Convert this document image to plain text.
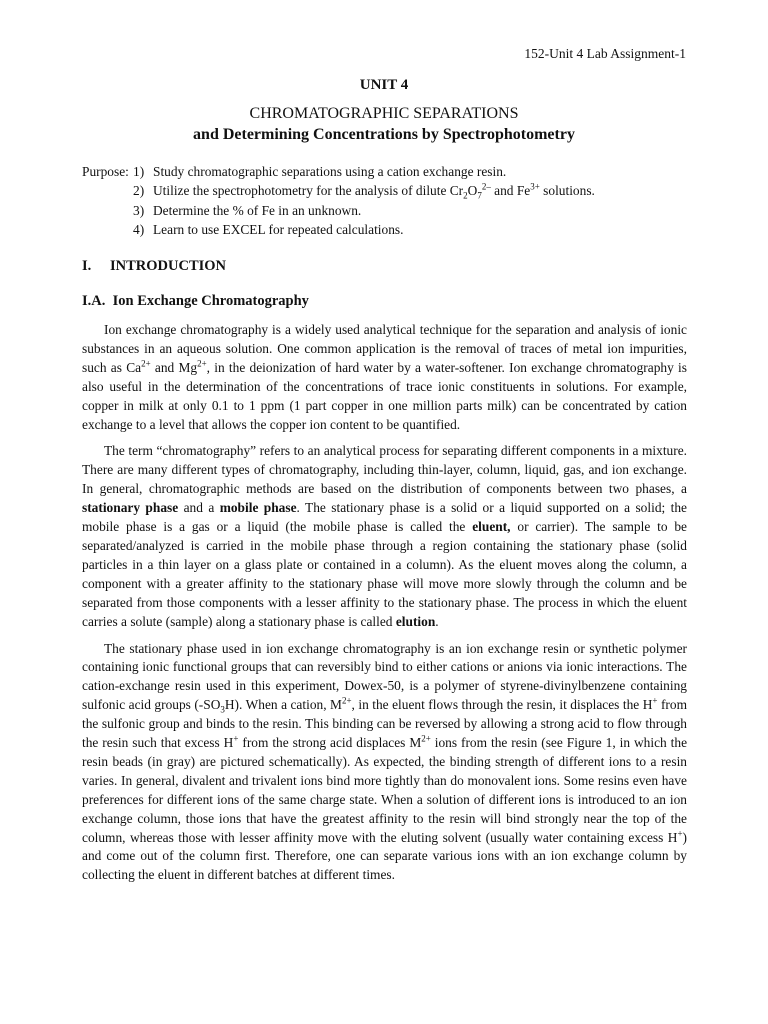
152-Unit 4 Lab Assignment-1
UNIT 4
CHROMATOGRAPHIC SEPARATIONS
and Determining Concentrations by Spectrophotometry
Purpose: 1) Study chromatographic separations using a cation exchange resin.
2) Utilize the spectrophotometry for the analysis of dilute $Cr_2O_7^{2-}$ and $Fe^{3+}$ solutions.
3) Determine the % of Fe in an unknown.
4) Learn to use EXCEL for repeated calculations.
I. INTRODUCTION
I.A. Ion Exchange Chromatography

Ion exchange chromatography is a widely used analytical technique for the separation and analysis of ionic substances in an aqueous solution. One common application is the removal of traces of metal ion impurities, such as $Ca^{2+}$ and $Mg^{2+}$, in the deionization of hard water by a water-softener. Ion exchange chromatography is also useful in the determination of the concentrations of trace ionic constituents in solutions. For example, copper in milk at only 0.1 to 1 ppm (1 part copper in one million parts milk) can be concentrated by cation exchange to a level that allows the copper ion content to be quantified.

The term “chromatography” refers to an analytical process for separating different components in a mixture. There are many different types of chromatography, including thin-layer, column, liquid, gas, and ion exchange. In general, chromatographic methods are based on the distribution of components between two phases, a stationary phase and a mobile phase. The stationary phase is a solid or a liquid supported on a solid; the mobile phase is a gas or a liquid (the mobile phase is called the eluent, or carrier). The sample to be separated/analyzed is carried in the mobile phase through a region containing the stationary phase (solid particles in a thin layer on a glass plate or contained in a column). As the eluent moves along the column, a component with a greater affinity to the stationary phase will move more slowly through the column and be separated from those components with a lesser affinity to the stationary phase. The process in which the eluent carries a solute (sample) along a stationary phase is called elution.

The stationary phase used in ion exchange chromatography is an ion exchange resin or synthetic polymer containing ionic functional groups that can reversibly bind to either cations or anions via ionic interactions. The cation-exchange resin used in this experiment, Dowex-50, is a polymer of styrene-divinylbenzene containing sulfonic acid groups $(-SO_3H)$. When a cation, $M^{2+}$, in the eluent flows through the resin, it displaces the H+ from the sulfonic group and binds to the resin. This binding can be reversed by allowing a strong acid to flow through the resin such that excess H+ from the strong acid displaces $M^{2+}$ ions from the resin (see Figure 1, in which the resin beads (in gray) are pictured schematically). As expected, the binding strength of different ions to a resin varies. In general, divalent and trivalent ions bind more tightly than do monovalent ions. Some resins even have preferences for different ions of the same charge state. When a solution of different ions is introduced to an ion exchange column, those ions that have the greatest affinity to the resin will bind strongly near the top of the column, whereas those with lesser affinity move with the eluting solvent (usually water containing excess H+) and come out of the column first. Therefore, one can separate various ions with an ion exchange column by collecting the eluent in different batches at different times.
